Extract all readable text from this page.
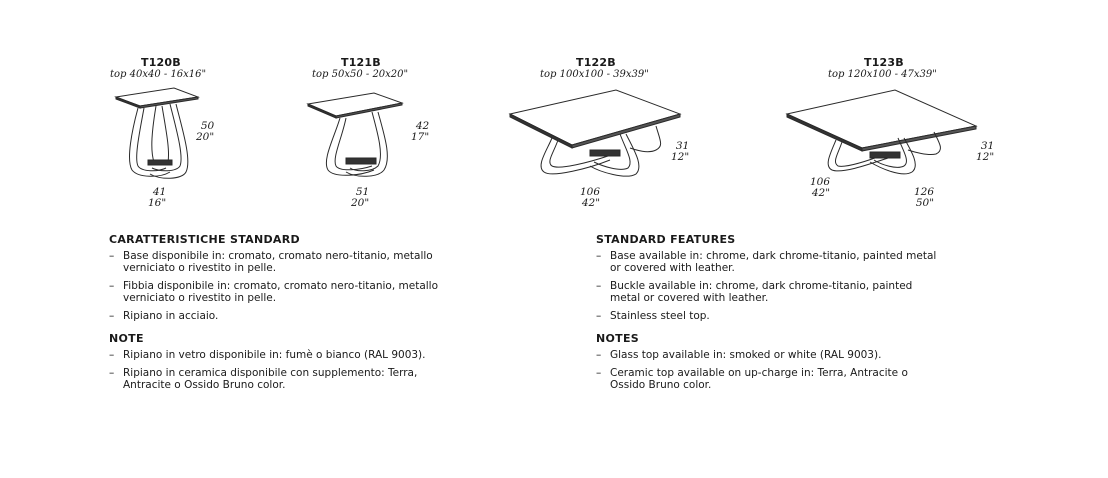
T120B
top 40x40 - 16x16"
50
20"
41
16"
T121B
top 50x50 - 20x20"
42
17"
51
20"
T122B
top 100x100 - 39x39"
31
12"
106
42"
T123B
top 120x100 - 47x39"
31
12"
106
42"	126
50"
CARATTERISTICHE STANDARD
– Base disponibile in: cromato, cromato nero-titanio, metallo verniciato o rivestito in pelle.
– Fibbia disponibile in: cromato, cromato nero-titanio, metallo verniciato o rivestito in pelle.
– Ripiano in acciaio.
NOTE
– Ripiano in vetro disponibile in: fumè o bianco (RAL 9003).
– Ripiano in ceramica disponibile con supplemento: Terra, Antracite o Ossido Bruno color.
STANDARD FEATURES
– Base available in: chrome, dark chrome-titanio, painted metal or covered with leather.
– Buckle available in: chrome, dark chrome-titanio, painted metal or covered with leather.
– Stainless steel top.
NOTES
– Glass top available in: smoked or white (RAL 9003).
– Ceramic top available on up-charge in: Terra, Antracite o Ossido Bruno color.
